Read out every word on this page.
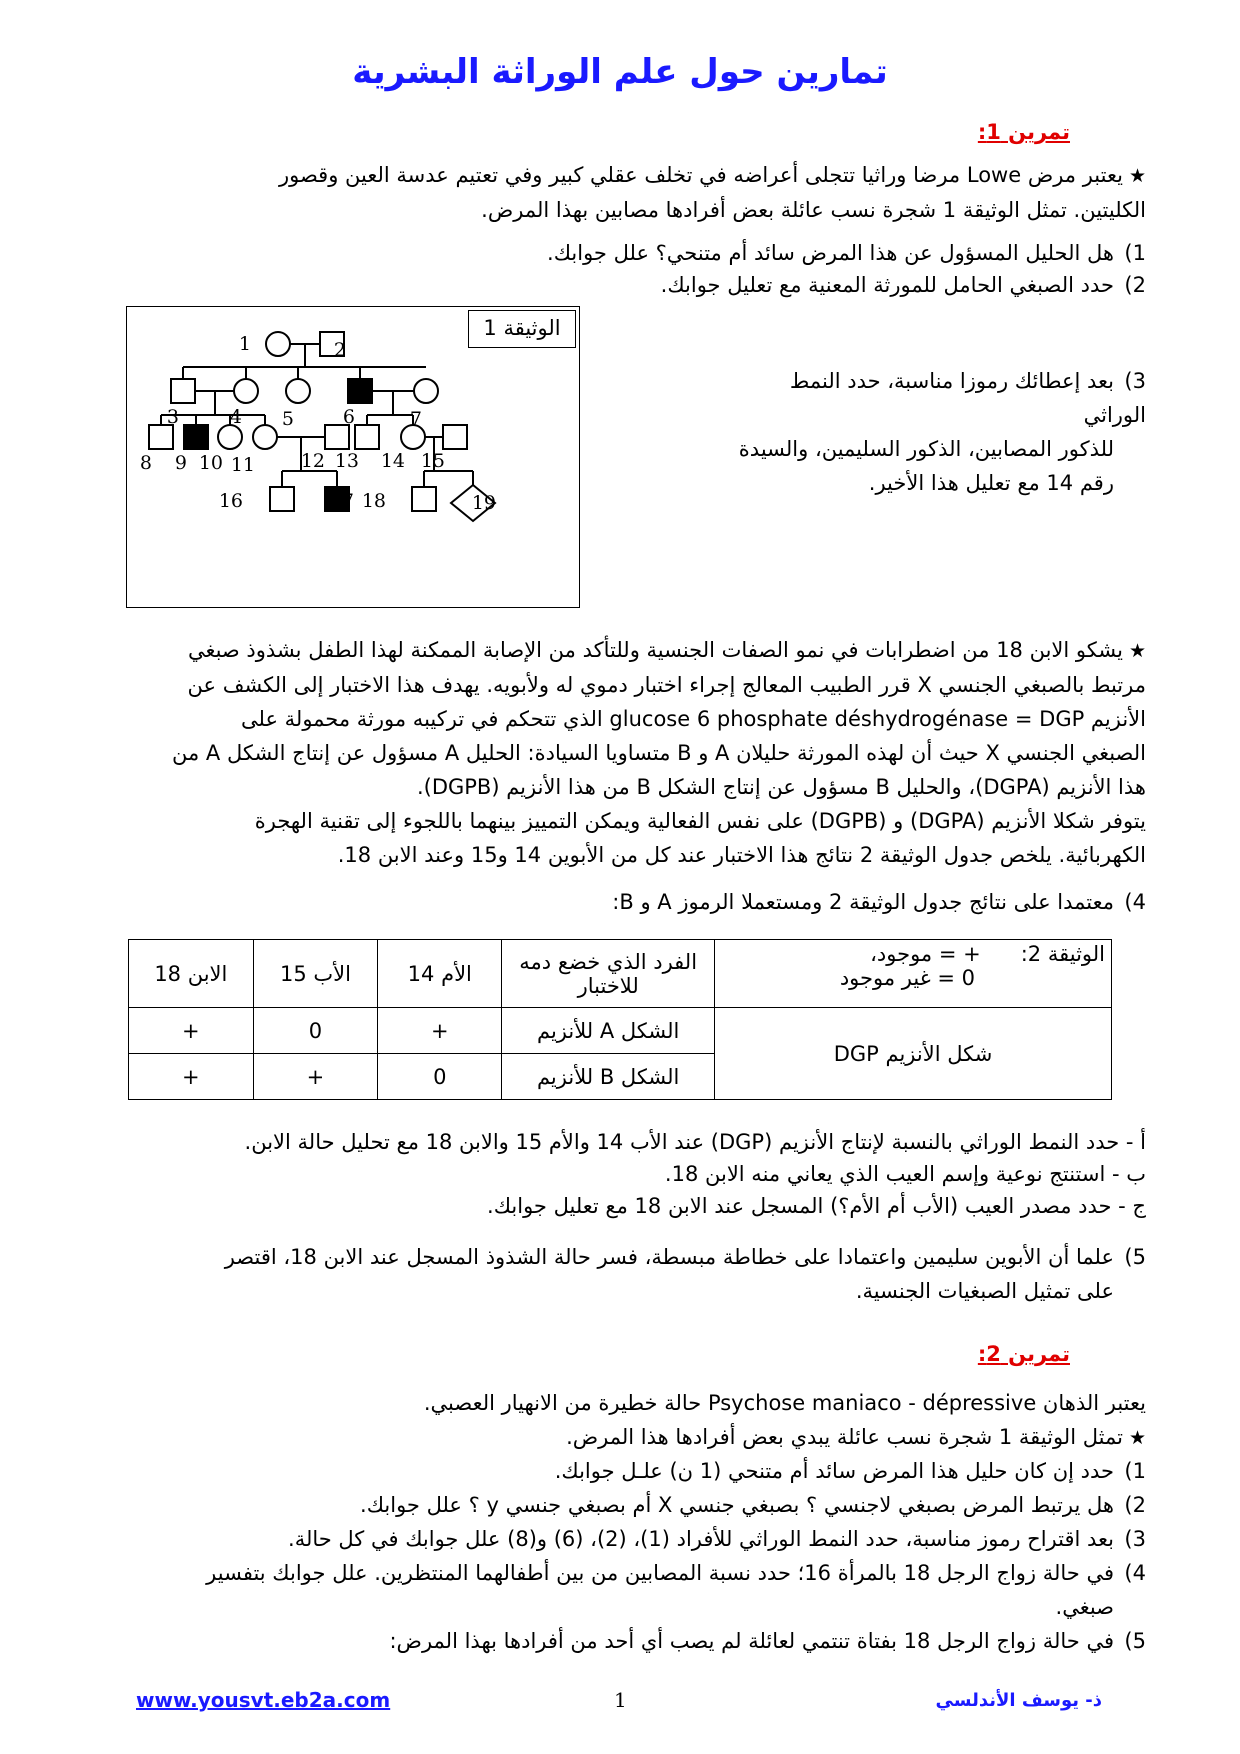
تمارين حول علم الوراثة البشرية
تمرين 1:
★يعتبر مرض Lowe مرضا وراثيا تتجلى أعراضه في تخلف عقلي كبير وفي تعتيم عدسة العين وقصور
الكليتين. تمثل الوثيقة 1 شجرة نسب عائلة بعض أفرادها مصابين بهذا المرض.
1)هل الحليل المسؤول عن هذا المرض سائد أم متنحي؟ علل جوابك.
2)حدد الصبغي الحامل للمورثة المعنية مع تعليل جوابك.
3)بعد إعطائك رموزا مناسبة، حدد النمط الوراثي
للذكور المصابين، الذكور السليمين، والسيدة
رقم 14 مع تعليل هذا الأخير.
1	2
3	4 5	6	7
8 9 10 11 12 13 14 15
16	17 18	19
الوثيقة 1
★يشكو الابن 18 من اضطرابات في نمو الصفات الجنسية وللتأكد من الإصابة الممكنة لهذا الطفل بشذوذ صبغي
مرتبط بالصبغي الجنسي X قرر الطبيب المعالج إجراء اختبار دموي له ولأبويه. يهدف هذا الاختبار إلى الكشف عن
الأنزيم glucose 6 phosphate déshydrogénase = DGP الذي تتحكم في تركيبه مورثة محمولة على
الصبغي الجنسي X حيث أن لهذه المورثة حليلان A و B متساويا السيادة: الحليل A مسؤول عن إنتاج الشكل A من
هذا الأنزيم (DGPA)، والحليل B مسؤول عن إنتاج الشكل B من هذا الأنزيم (DGPB).
يتوفر شكلا الأنزيم (DGPA) و (DGPB) على نفس الفعالية ويمكن التمييز بينهما باللجوء إلى تقنية الهجرة
الكهربائية. يلخص جدول الوثيقة 2 نتائج هذا الاختبار عند كل من الأبوين 14 و15 وعند الابن 18.
4)معتمدا على نتائج جدول الوثيقة 2 ومستعملا الرموز A و B:
الوثيقة 2:+ = موجود،
0 = غير موجود	الفرد الذي خضع دمه للاختبار	الأم 14	الأب 15	الابن 18
شكل الأنزيم DGP	الشكل A للأنزيم	+	0	+
	الشكل B للأنزيم	0	+	+
أ - حدد النمط الوراثي بالنسبة لإنتاج الأنزيم (DGP) عند الأب 14 والأم 15 والابن 18 مع تحليل حالة الابن.
ب - استنتج نوعية وإسم العيب الذي يعاني منه الابن 18.
ج - حدد مصدر العيب (الأب أم الأم؟) المسجل عند الابن 18 مع تعليل جوابك.
5)علما أن الأبوين سليمين واعتمادا على خطاطة مبسطة، فسر حالة الشذوذ المسجل عند الابن 18، اقتصر
على تمثيل الصبغيات الجنسية.
تمرين 2:
يعتبر الذهان Psychose maniaco - dépressive حالة خطيرة من الانهيار العصبي.
★تمثل الوثيقة 1 شجرة نسب عائلة يبدي بعض أفرادها هذا المرض.
1)حدد إن كان حليل هذا المرض سائد أم متنحي (1 ن) علـل جوابك.
2)هل يرتبط المرض بصبغي لاجنسي ؟ بصبغي جنسي X أم بصبغي جنسي y ؟ علل جوابك.
3)بعد اقتراح رموز مناسبة، حدد النمط الوراثي للأفراد (1)، (2)، (6) و(8) علل جوابك في كل حالة.
4)في حالة زواج الرجل 18 بالمرأة 16؛ حدد نسبة المصابين من بين أطفالهما المنتظرين. علل جوابك بتفسير
صبغي.
5)في حالة زواج الرجل 18 بفتاة تنتمي لعائلة لم يصب أي أحد من أفرادها بهذا المرض:
www.yousvt.eb2a.com	1	ذ- يوسف الأندلسي
